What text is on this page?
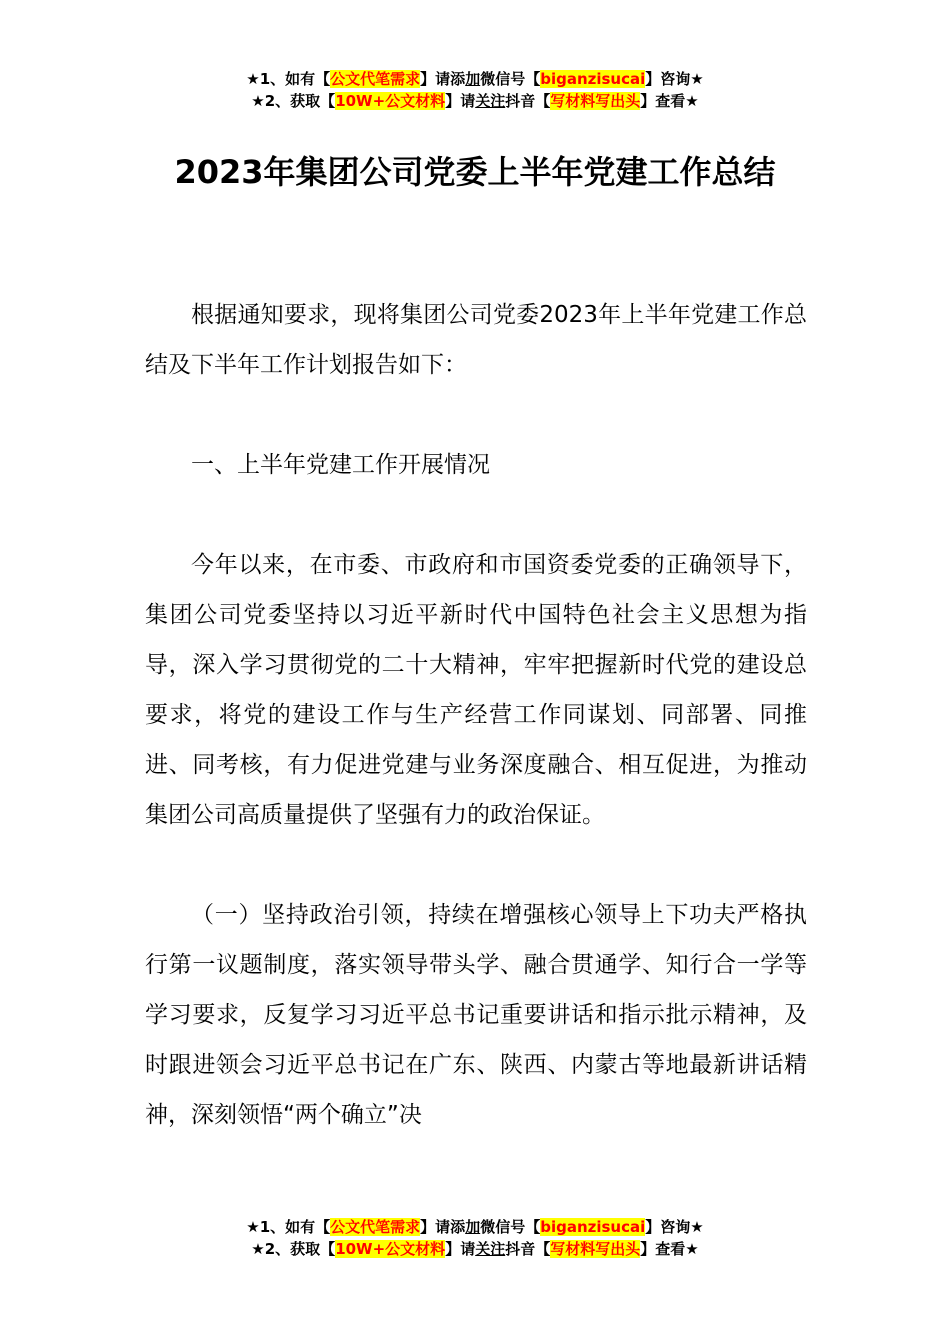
★1、如有【公文代笔需求】请添加微信号【biganzisucai】咨询★
★2、获取【10W+公文材料】请关注抖音【写材料写出头】查看★
2023年集团公司党委上半年党建工作总结

根据通知要求，现将集团公司党委2023年上半年党建工作总结及下半年工作计划报告如下：

一、上半年党建工作开展情况

今年以来，在市委、市政府和市国资委党委的正确领导下，集团公司党委坚持以习近平新时代中国特色社会主义思想为指导，深入学习贯彻党的二十大精神，牢牢把握新时代党的建设总要求，将党的建设工作与生产经营工作同谋划、同部署、同推进、同考核，有力促进党建与业务深度融合、相互促进，为推动集团公司高质量提供了坚强有力的政治保证。

（一）坚持政治引领，持续在增强核心领导上下功夫严格执行第一议题制度，落实领导带头学、融合贯通学、知行合一学等学习要求，反复学习习近平总书记重要讲话和指示批示精神，及时跟进领会习近平总书记在广东、陕西、内蒙古等地最新讲话精神，深刻领悟“两个确立”决

★1、如有【公文代笔需求】请添加微信号【biganzisucai】咨询★
★2、获取【10W+公文材料】请关注抖音【写材料写出头】查看★
